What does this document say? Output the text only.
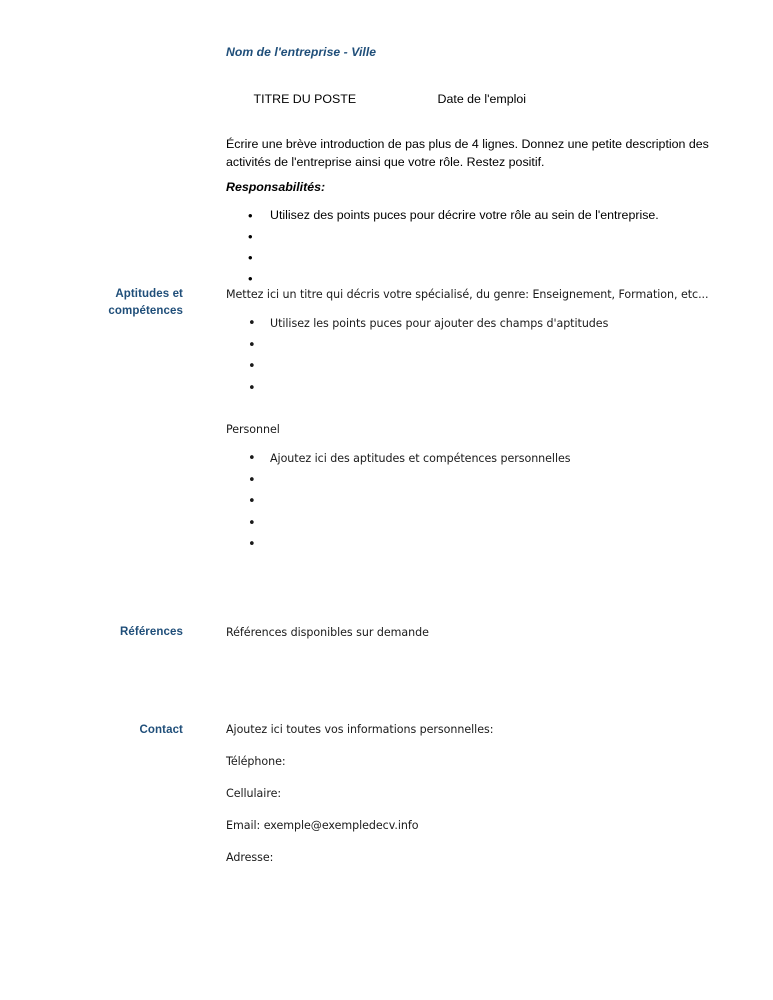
Nom de l'entreprise - Ville

TITRE DU POSTE	Date de l'emploi

Écrire une brève introduction de pas plus de 4 lignes. Donnez une petite description des activités de l'entreprise ainsi que votre rôle. Restez positif.
Responsabilités:
• Utilisez des points puces pour décrire votre rôle au sein de l'entreprise.
•
•
•
Aptitudes et
compétences
Mettez ici un titre qui décris votre spécialisé, du genre: Enseignement, Formation, etc...
• Utilisez les points puces pour ajouter des champs d'aptitudes
•
•
•
Personnel
• Ajoutez ici des aptitudes et compétences personnelles
•
•
•
•
Références	Références disponibles sur demande
Contact	Ajoutez ici toutes vos informations personnelles:
Téléphone:
Cellulaire:
Email: exemple@exempledecv.info
Adresse:
